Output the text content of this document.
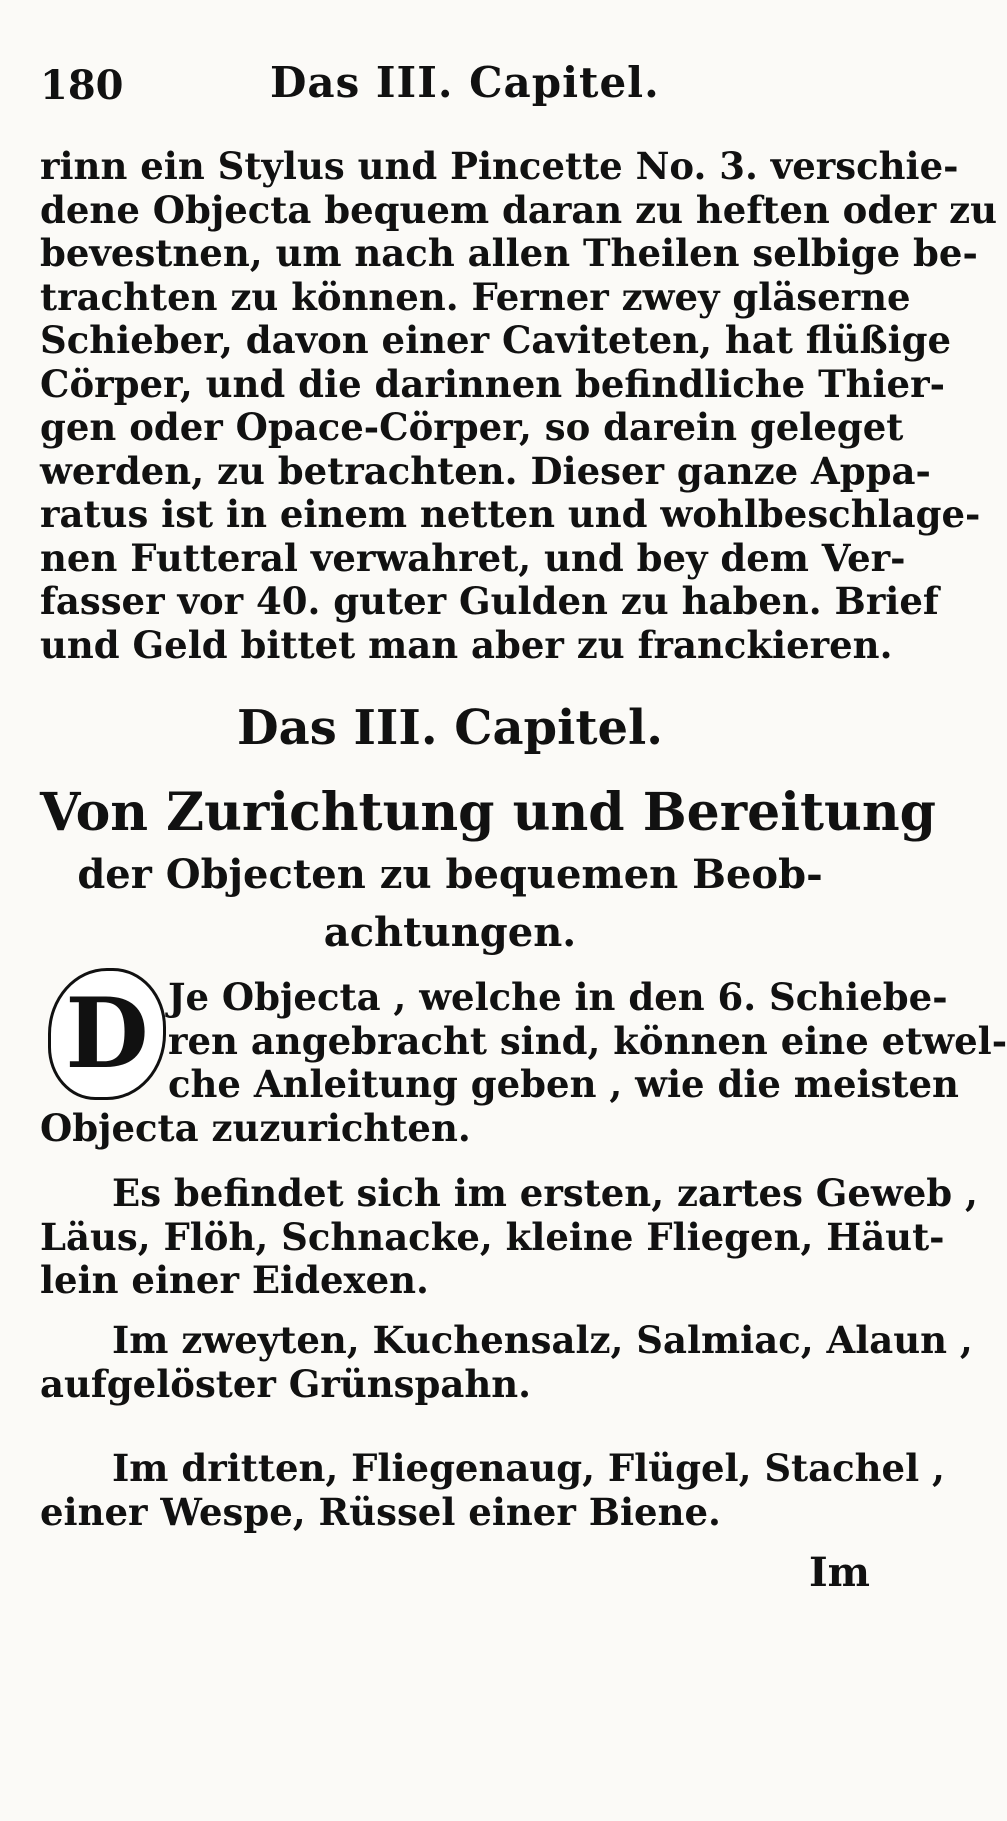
180	Das III. Capitel.
rinn ein Stylus und Pincette No. 3. verschie-
dene Objecta bequem daran zu heften oder zu
bevestnen, um nach allen Theilen selbige be-
trachten zu können. Ferner zwey gläserne
Schieber, davon einer Caviteten, hat flüßige
Cörper, und die darinnen befindliche Thier-
gen oder Opace-Cörper, so darein geleget
werden, zu betrachten. Dieser ganze Appa-
ratus ist in einem netten und wohlbeschlage-
nen Futteral verwahret, und bey dem Ver-
fasser vor 40. guter Gulden zu haben. Brief
und Geld bittet man aber zu franckieren.
Das III. Capitel.
Von Zurichtung und Bereitung
der Objecten zu bequemen Beob-
achtungen.
D Je Objecta , welche in den 6. Schiebe-
ren angebracht sind, können eine etwel-
che Anleitung geben , wie die meisten
Objecta zuzurichten.
Es befindet sich im ersten, zartes Geweb ,
Läus, Flöh, Schnacke, kleine Fliegen, Häut-
lein einer Eidexen.
Im zweyten, Kuchensalz, Salmiac, Alaun ,
aufgelöster Grünspahn.
Im dritten, Fliegenaug, Flügel, Stachel ,
einer Wespe, Rüssel einer Biene.
Im
